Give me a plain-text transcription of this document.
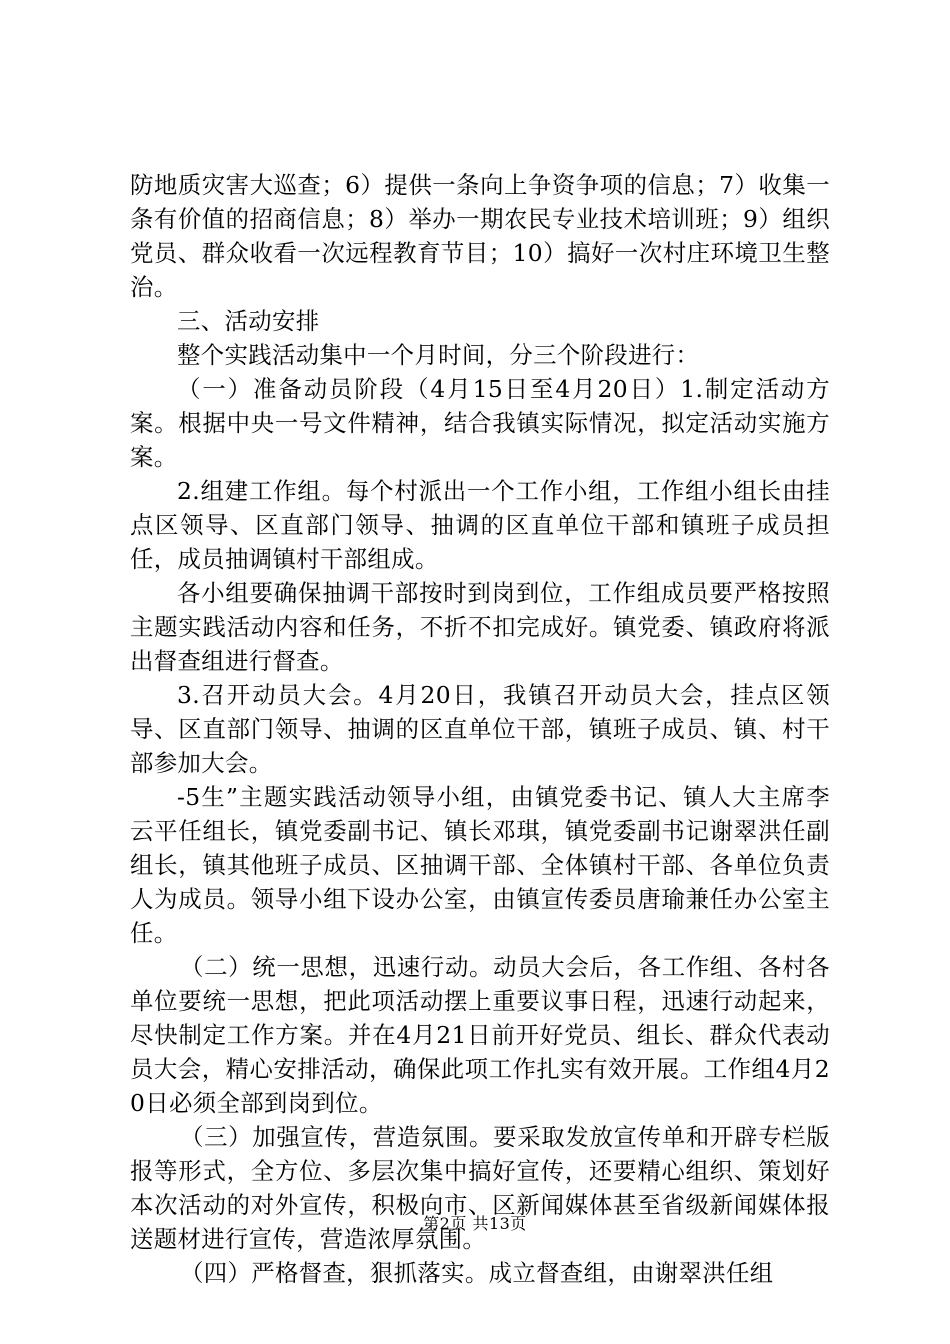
防地质灾害大巡查；6）提供一条向上争资争项的信息；7）收集一条有价值的招商信息；8）举办一期农民专业技术培训班；9）组织党员、群众收看一次远程教育节目；10）搞好一次村庄环境卫生整治。

三、活动安排

整个实践活动集中一个月时间，分三个阶段进行：

（一）准备动员阶段（4月15日至4月20日）1.制定活动方案。根据中央一号文件精神，结合我镇实际情况，拟定活动实施方案。

2.组建工作组。每个村派出一个工作小组，工作组小组长由挂点区领导、区直部门领导、抽调的区直单位干部和镇班子成员担任，成员抽调镇村干部组成。

各小组要确保抽调干部按时到岗到位，工作组成员要严格按照主题实践活动内容和任务，不折不扣完成好。镇党委、镇政府将派出督查组进行督查。

3.召开动员大会。4月20日，我镇召开动员大会，挂点区领导、区直部门领导、抽调的区直单位干部，镇班子成员、镇、村干部参加大会。

-5生”主题实践活动领导小组，由镇党委书记、镇人大主席李云平任组长，镇党委副书记、镇长邓琪，镇党委副书记谢翠洪任副组长，镇其他班子成员、区抽调干部、全体镇村干部、各单位负责人为成员。领导小组下设办公室，由镇宣传委员唐瑜兼任办公室主任。

（二）统一思想，迅速行动。动员大会后，各工作组、各村各单位要统一思想，把此项活动摆上重要议事日程，迅速行动起来，尽快制定工作方案。并在4月21日前开好党员、组长、群众代表动员大会，精心安排活动，确保此项工作扎实有效开展。工作组4月20日必须全部到岗到位。

（三）加强宣传，营造氛围。要采取发放宣传单和开辟专栏版报等形式，全方位、多层次集中搞好宣传，还要精心组织、策划好本次活动的对外宣传，积极向市、区新闻媒体甚至省级新闻媒体报送题材进行宣传，营造浓厚氛围。

（四）严格督查，狠抓落实。成立督查组，由谢翠洪任组

第2页 共13页
